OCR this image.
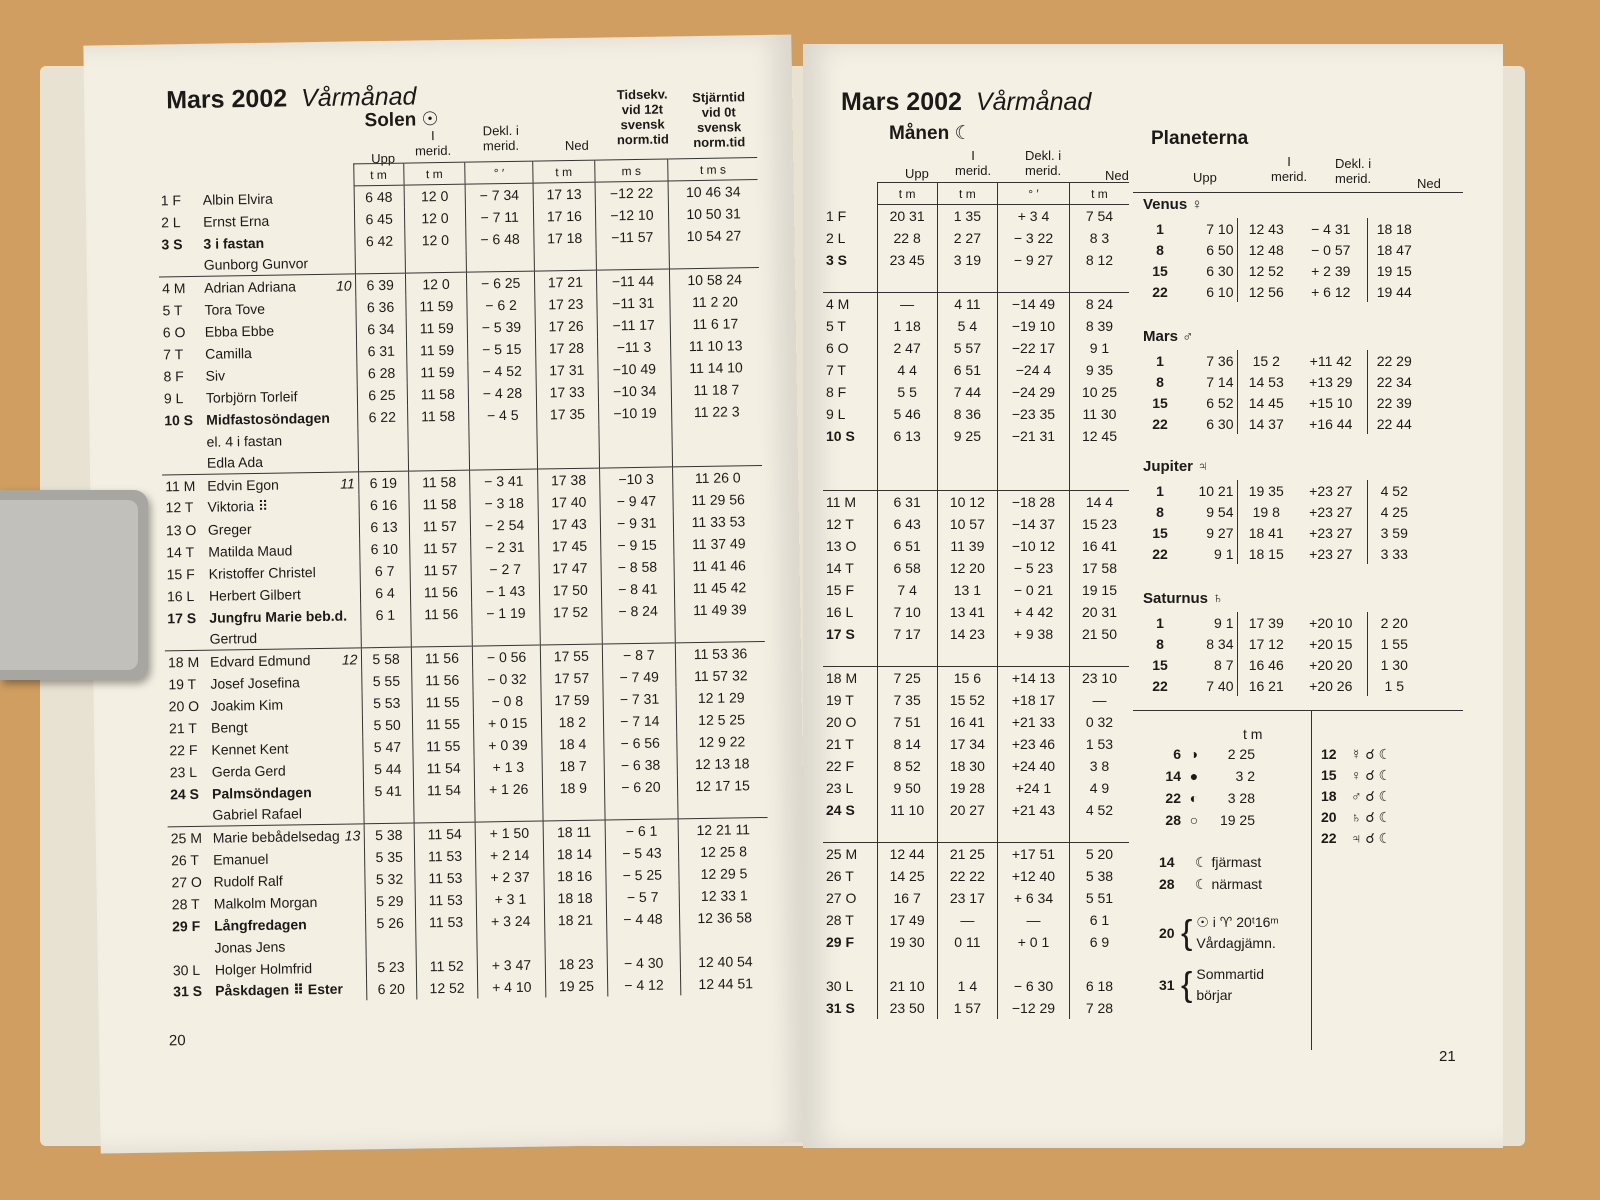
Mars 2002 Vårmånad
Solen ☉
Upp
I
merid.
Dekl. i
merid.	Ned
Tidsekv.
vid 12t
svensk
norm.tid
Stjärntid
vid 0t
svensk
norm.tid
	t m	t m	° ′	t m	m s	t m s
1 F Albin Elvira	6 48	12 0	− 7 34	17 13	−12 22	10 46 34
2 L Ernst Erna	6 45	12 0	− 7 11	17 16	−12 10	10 50 31
3 S 3 i fastan	6 42	12 0	− 6 48	17 18	−11 57	10 54 27
Gunborg Gunvor

4 M Adrian Adriana 10	6 39	12 0	− 6 25	17 21	−11 44	10 58 24
5 T Tora Tove	6 36	11 59	− 6 2	17 23	−11 31	11 2 20
6 O Ebba Ebbe	6 34	11 59	− 5 39	17 26	−11 17	11 6 17
7 T Camilla	6 31	11 59	− 5 15	17 28	−11 3	11 10 13
8 F Siv	6 28	11 59	− 4 52	17 31	−10 49	11 14 10
9 L Torbjörn Torleif	6 25	11 58	− 4 28	17 33	−10 34	11 18 7
10 S Midfastosöndagen	6 22	11 58	− 4 5	17 35	−10 19	11 22 3
el. 4 i fastan

Edla Ada

11 M Edvin Egon 11	6 19	11 58	− 3 41	17 38	−10 3	11 26 0
12 T Viktoria ⠿	6 16	11 58	− 3 18	17 40	− 9 47	11 29 56
13 O Greger	6 13	11 57	− 2 54	17 43	− 9 31	11 33 53
14 T Matilda Maud	6 10	11 57	− 2 31	17 45	− 9 15	11 37 49
15 F Kristoffer Christel	6 7	11 57	− 2 7	17 47	− 8 58	11 41 46
16 L Herbert Gilbert	6 4	11 56	− 1 43	17 50	− 8 41	11 45 42
17 S Jungfru Marie beb.d.	6 1	11 56	− 1 19	17 52	− 8 24	11 49 39
Gertrud

18 M Edvard Edmund 12	5 58	11 56	− 0 56	17 55	− 8 7	11 53 36
19 T Josef Josefina	5 55	11 56	− 0 32	17 57	− 7 49	11 57 32
20 O Joakim Kim	5 53	11 55	− 0 8	17 59	− 7 31	12 1 29
21 T Bengt	5 50	11 55	+ 0 15	18 2	− 7 14	12 5 25
22 F Kennet Kent	5 47	11 55	+ 0 39	18 4	− 6 56	12 9 22
23 L Gerda Gerd	5 44	11 54	+ 1 3	18 7	− 6 38	12 13 18
24 S Palmsöndagen	5 41	11 54	+ 1 26	18 9	− 6 20	12 17 15
Gabriel Rafael

25 M Marie bebådelsedag 13	5 38	11 54	+ 1 50	18 11	− 6 1	12 21 11
26 T Emanuel	5 35	11 53	+ 2 14	18 14	− 5 43	12 25 8
27 O Rudolf Ralf	5 32	11 53	+ 2 37	18 16	− 5 25	12 29 5
28 T Malkolm Morgan	5 29	11 53	+ 3 1	18 18	− 5 7	12 33 1
29 F Långfredagen	5 26	11 53	+ 3 24	18 21	− 4 48	12 36 58
Jonas Jens

30 L Holger Holmfrid	5 23	11 52	+ 3 47	18 23	− 4 30	12 40 54
31 S Påskdagen ⠿ Ester	6 20	12 52	+ 4 10	19 25	− 4 12	12 44 51
20
Mars 2002 Vårmånad
Månen ☾	Planeterna
Upp
I
merid.
Dekl. i
merid.	Ned
	t m	t m	° ′	t m
1 F	20 31	1 35	+ 3 4	7 54
2 L	22 8	2 27	− 3 22	8 3
3 S	23 45	3 19	− 9 27	8 12

4 M	—	4 11	−14 49	8 24
5 T	1 18	5 4	−19 10	8 39
6 O	2 47	5 57	−22 17	9 1
7 T	4 4	6 51	−24 4	9 35
8 F	5 5	7 44	−24 29	10 25
9 L	5 46	8 36	−23 35	11 30
10 S	6 13	9 25	−21 31	12 45

11 M	6 31	10 12	−18 28	14 4
12 T	6 43	10 57	−14 37	15 23
13 O	6 51	11 39	−10 12	16 41
14 T	6 58	12 20	− 5 23	17 58
15 F	7 4	13 1	− 0 21	19 15
16 L	7 10	13 41	+ 4 42	20 31
17 S	7 17	14 23	+ 9 38	21 50

18 M	7 25	15 6	+14 13	23 10
19 T	7 35	15 52	+18 17	—
20 O	7 51	16 41	+21 33	0 32
21 T	8 14	17 34	+23 46	1 53
22 F	8 52	18 30	+24 40	3 8
23 L	9 50	19 28	+24 1	4 9
24 S	11 10	20 27	+21 43	4 52

25 M	12 44	21 25	+17 51	5 20
26 T	14 25	22 22	+12 40	5 38
27 O	16 7	23 17	+ 6 34	5 51
28 T	17 49	—	—	6 1
29 F	19 30	0 11	+ 0 1	6 9

30 L	21 10	1 4	− 6 30	6 18
31 S	23 50	1 57	−12 29	7 28
Upp
I
merid.
Dekl. i
merid.	Ned
Venus ♀
1	7 10	12 43	− 4 31	18 18
8	6 50	12 48	− 0 57	18 47
15	6 30	12 52	+ 2 39	19 15
22	6 10	12 56	+ 6 12	19 44
Mars ♂
1	7 36	15 2	+11 42	22 29
8	7 14	14 53	+13 29	22 34
15	6 52	14 45	+15 10	22 39
22	6 30	14 37	+16 44	22 44
Jupiter ♃
1	10 21	19 35	+23 27	4 52
8	9 54	19 8	+23 27	4 25
15	9 27	18 41	+23 27	3 59
22	9 1	18 15	+23 27	3 33
Saturnus ♄
1	9 1	17 39	+20 10	2 20
8	8 34	17 12	+20 15	1 55
15	8 7	16 46	+20 20	1 30
22	7 40	16 21	+20 26	1 5
t m
6 ◑ 2 25
14 ●	3 2
22 ◐ 3 28
28 ○ 19 25
12 ☿ ☌ ☾
15 ♀ ☌ ☾
18 ♂ ☌ ☾
20 ♄ ☌ ☾
22 ♃ ☌ ☾
14 ☾ fjärmast
28 ☾ närmast
20 { ☉ i ♈ 20ᵗ16ᵐ
Vårdagjämn.
31 { Sommartid
börjar
21
